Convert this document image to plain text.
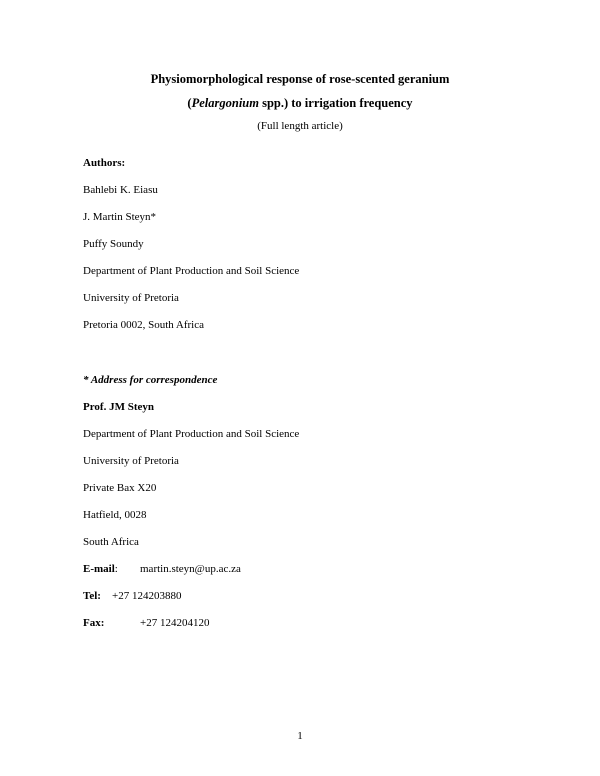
Physiomorphological response of rose-scented geranium
(Pelargonium spp.) to irrigation frequency
(Full length article)
Authors:
Bahlebi K. Eiasu
J. Martin Steyn*
Puffy Soundy
Department of Plant Production and Soil Science
University of Pretoria
Pretoria 0002, South Africa
* Address for correspondence
Prof. JM Steyn
Department of Plant Production and Soil Science
University of Pretoria
Private Bax X20
Hatfield, 0028
South Africa
E-mail: martin.steyn@up.ac.za
Tel: +27 124203880
Fax:	+27 124204120
1
